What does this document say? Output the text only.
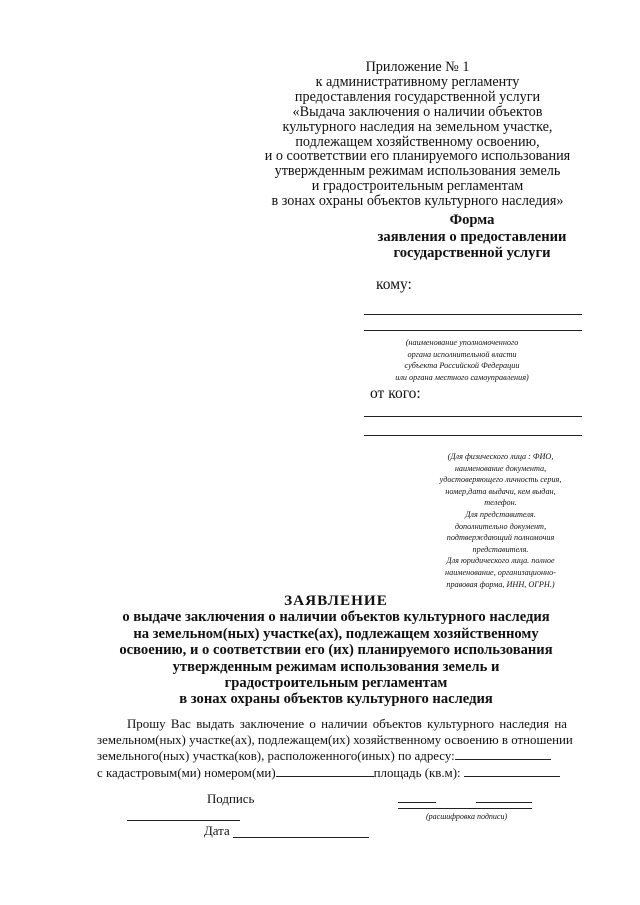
Приложение № 1
к административному регламенту
предоставления государственной услуги
«Выдача заключения о наличии объектов
культурного наследия на земельном участке,
подлежащем хозяйственному освоению,
и о соответствии его планируемого использования
утвержденным режимам использования земель
и градостроительным регламентам
в зонах охраны объектов культурного наследия»
Форма
заявления о предоставлении
государственной услуги
кому:
(наименование уполномоченного
органа исполнительной власти
субъекта Российской Федерации
или органа местного самоуправления)
от кого:
(Для физического лица : ФИО,
наименование документа,
удостоверяющего личность серия,
номер,дата выдачи, кем выдан,
телефон.
Для представителя.
дополнительно документ,
подтверждающий полномочия
представителя.
Для юридического лица. полное
наименование, организационно-
правовая форма, ИНН, ОГРН.)
ЗАЯВЛЕНИЕ
о выдаче заключения о наличии объектов культурного наследия
на земельном(ных) участке(ах), подлежащем хозяйственному
освоению, и о соответствии его (их) планируемого использования
утвержденным режимам использования земель и
градостроительным регламентам
в зонах охраны объектов культурного наследия
Прошу Вас выдать заключение о наличии объектов культурного наследия на
земельном(ных) участке(ах), подлежащем(их) хозяйственному освоению в отношении
земельного(ных) участка(ков), расположенного(иных) по адресу:
с кадастровым(ми) номером(ми)	площадь (кв.м):
Подпись
(расшифровка подписи)
Дата
